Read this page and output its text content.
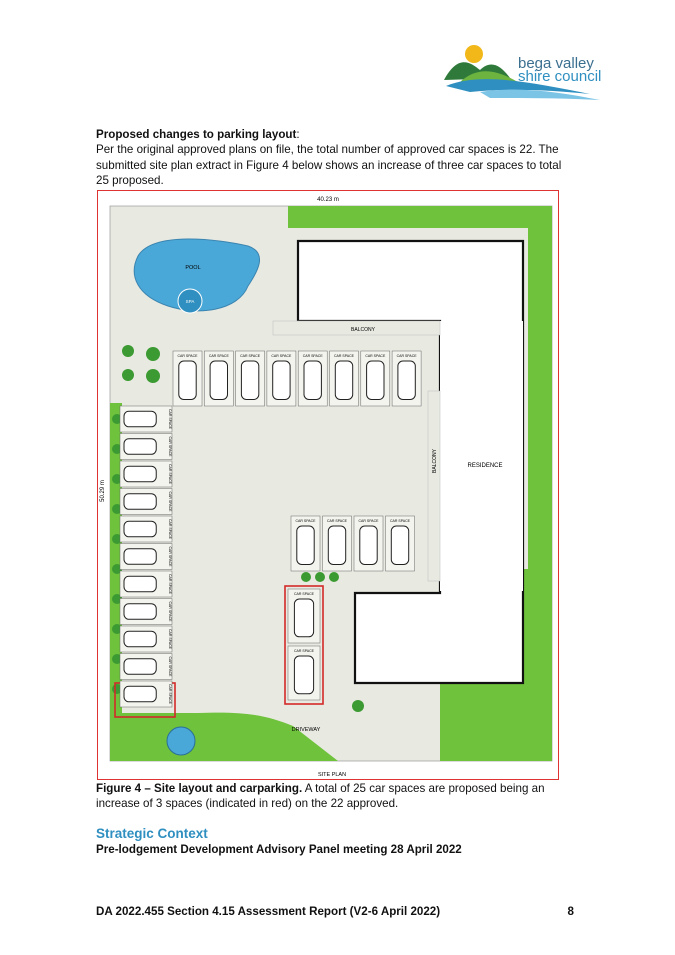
bega valley
shire council
Proposed changes to parking layout:
Per the original approved plans on file, the total number of approved car spaces is 22. The submitted site plan extract in Figure 4 below shows an increase of three car spaces to total 25 proposed.
CAR SPACE	CAR SPACE	CAR SPACE	CAR SPACE	CAR SPACE	CAR SPACE	CAR SPACE	CAR SPACE
CAR SPACE
CAR SPACE
CAR SPACE
CAR SPACE
CAR SPACE
CAR SPACE
CAR SPACE
CAR SPACE
CAR SPACE
CAR SPACE
CAR SPACE
CAR SPACE	CAR SPACE	CAR SPACE	CAR SPACE
CAR SPACE
CAR SPACE
40.23 m
50.29 m
POOL
SPA
BALCONY
BALCONY	RESIDENCE
DRIVEWAY
SITE PLAN
Figure 4 – Site layout and carparking. A total of 25 car spaces are proposed being an increase of 3 spaces (indicated in red) on the 22 approved.
Strategic Context
Pre-lodgement Development Advisory Panel meeting 28 April 2022
DA 2022.455 Section 4.15 Assessment Report (V2-6 April 2022)	8
